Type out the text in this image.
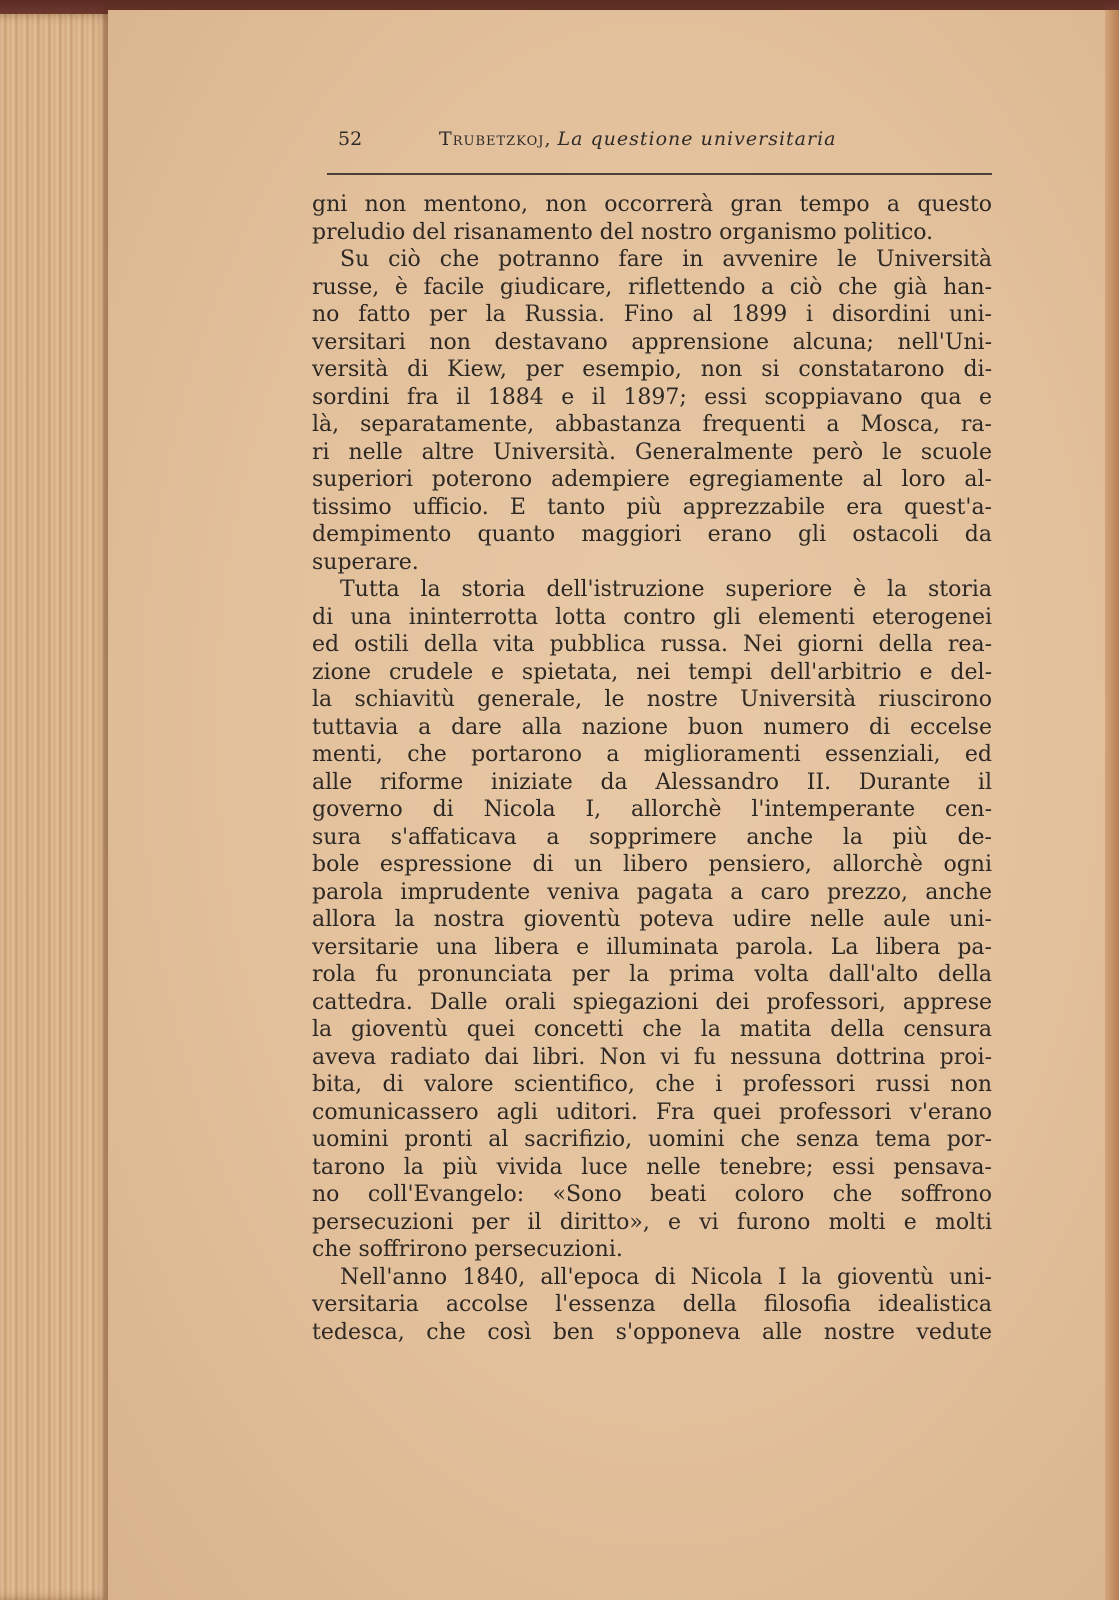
52	Trubetzkoj, La questione universitaria
gni non mentono, non occorrerà gran tempo a questo
preludio del risanamento del nostro organismo politico.
Su ciò che potranno fare in avvenire le Università
russe, è facile giudicare, riflettendo a ciò che già han-
no fatto per la Russia. Fino al 1899 i disordini uni-
versitari non destavano apprensione alcuna; nell'Uni-
versità di Kiew, per esempio, non si constatarono di-
sordini fra il 1884 e il 1897; essi scoppiavano qua e
là, separatamente, abbastanza frequenti a Mosca, ra-
ri nelle altre Università. Generalmente però le scuole
superiori poterono adempiere egregiamente al loro al-
tissimo ufficio. E tanto più apprezzabile era quest'a-
dempimento quanto maggiori erano gli ostacoli da
superare.
Tutta la storia dell'istruzione superiore è la storia
di una ininterrotta lotta contro gli elementi eterogenei
ed ostili della vita pubblica russa. Nei giorni della rea-
zione crudele e spietata, nei tempi dell'arbitrio e del-
la schiavitù generale, le nostre Università riuscirono
tuttavia a dare alla nazione buon numero di eccelse
menti, che portarono a miglioramenti essenziali, ed
alle riforme iniziate da Alessandro II. Durante il
governo di Nicola I, allorchè l'intemperante cen-
sura s'affaticava a sopprimere anche la più de-
bole espressione di un libero pensiero, allorchè ogni
parola imprudente veniva pagata a caro prezzo, anche
allora la nostra gioventù poteva udire nelle aule uni-
versitarie una libera e illuminata parola. La libera pa-
rola fu pronunciata per la prima volta dall'alto della
cattedra. Dalle orali spiegazioni dei professori, apprese
la gioventù quei concetti che la matita della censura
aveva radiato dai libri. Non vi fu nessuna dottrina proi-
bita, di valore scientifico, che i professori russi non
comunicassero agli uditori. Fra quei professori v'erano
uomini pronti al sacrifizio, uomini che senza tema por-
tarono la più vivida luce nelle tenebre; essi pensava-
no coll'Evangelo: «Sono beati coloro che soffrono
persecuzioni per il diritto», e vi furono molti e molti
che soffrirono persecuzioni.
Nell'anno 1840, all'epoca di Nicola I la gioventù uni-
versitaria accolse l'essenza della filosofia idealistica
tedesca, che così ben s'opponeva alle nostre vedute
